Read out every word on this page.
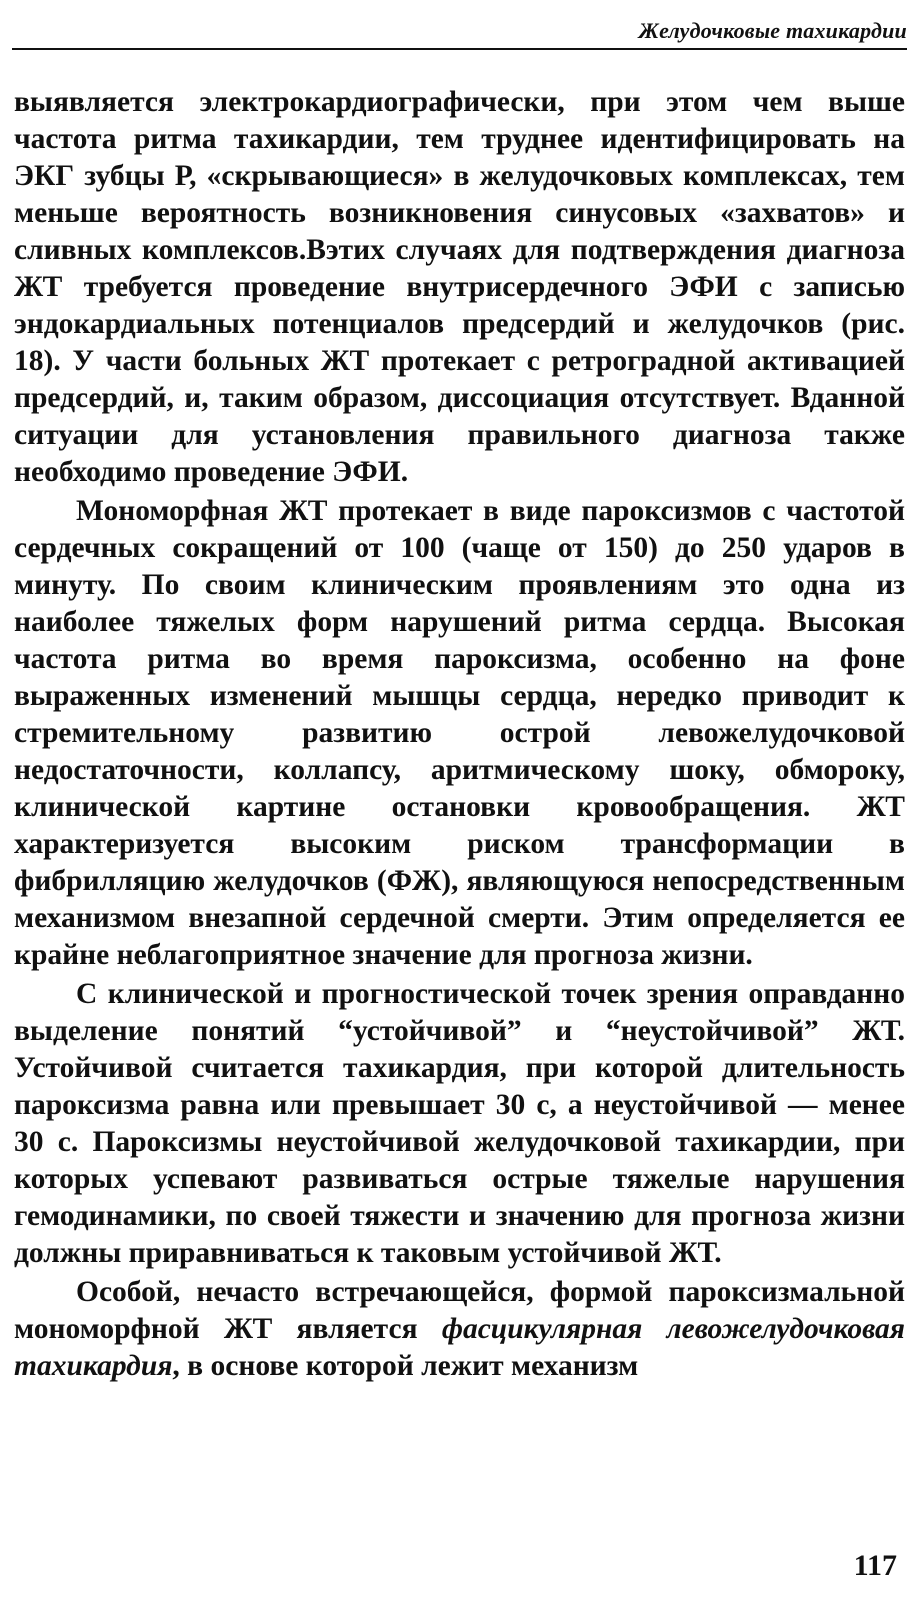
Желудочковые тахикардии

выявляется электрокардиографически, при этом чем выше частота ритма тахикардии, тем труднее идентифицировать на ЭКГ зубцы Р, «скрывающиеся» в желудочковых комплексах, тем меньше вероятность возникновения синусовых «захватов» и сливных комплексов.Вэтих случаях для подтверждения диагноза ЖТ требуется проведение внутрисердечного ЭФИ с записью эндокардиальных потенциалов предсердий и желудочков (рис. 18). У части больных ЖТ протекает с ретроградной активацией предсердий, и, таким образом, диссоциация отсутствует. Вданной ситуации для установления правильного диагноза также необходимо проведение ЭФИ.

Мономорфная ЖТ протекает в виде пароксизмов с частотой сердечных сокращений от 100 (чаще от 150) до 250 ударов в минуту. По своим клиническим проявлениям это одна из наиболее тяжелых форм нарушений ритма сердца. Высокая частота ритма во время пароксизма, особенно на фоне выраженных изменений мышцы сердца, нередко приводит к стремительному развитию острой левожелудочковой недостаточности, коллапсу, аритмическому шоку, обмороку, клинической картине остановки кровообращения. ЖТ характеризуется высоким риском трансформации в фибрилляцию желудочков (ФЖ), являющуюся непосредственным механизмом внезапной сердечной смерти. Этим определяется ее крайне неблагоприятное значение для прогноза жизни.

С клинической и прогностической точек зрения оправданно выделение понятий “устойчивой” и “неустойчивой” ЖТ. Устойчивой считается тахикардия, при которой длительность пароксизма равна или превышает 30 с, а неустойчивой — менее 30 с. Пароксизмы неустойчивой желудочковой тахикардии, при которых успевают развиваться острые тяжелые нарушения гемодинамики, по своей тяжести и значению для прогноза жизни должны приравниваться к таковым устойчивой ЖТ.

Особой, нечасто встречающейся, формой пароксизмальной мономорфной ЖТ является фасцикулярная левожелудочковая тахикардия, в основе которой лежит механизм

117
